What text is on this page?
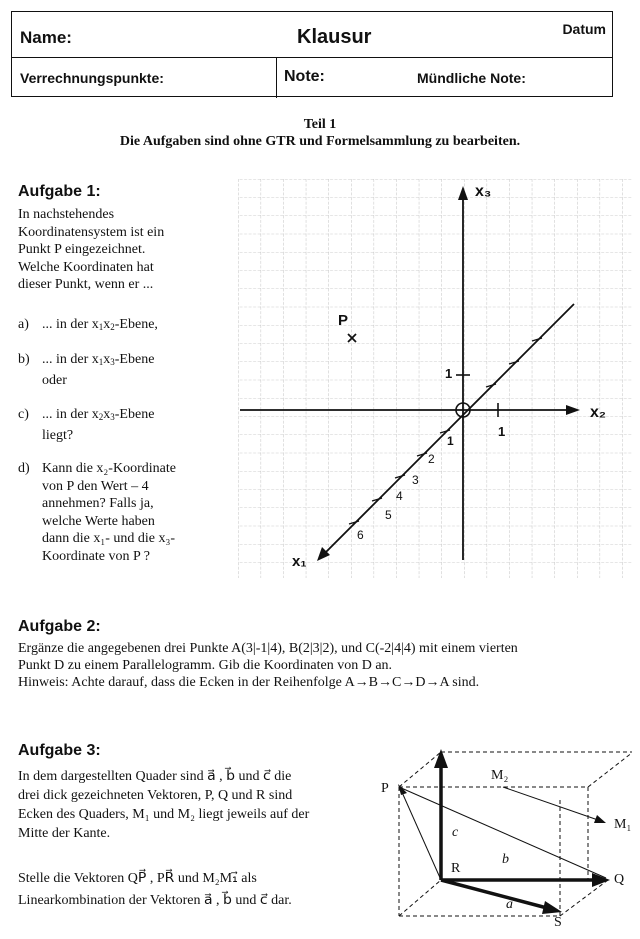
Name:	Klausur	Datum
Verrechnungspunkte:	Note:	Mündliche Note:
Teil 1
Die Aufgaben sind ohne GTR und Formelsammlung zu bearbeiten.
Aufgabe 1:
In nachstehendes
Koordinatensystem ist ein
Punkt P eingezeichnet.
Welche Koordinaten hat
dieser Punkt, wenn er ...
a) ... in der $x_1x_2$-Ebene,
b) ... in der $x_1x_3$-Ebene
oder
c) ... in der $x_2x_3$-Ebene
liegt?
d) Kann die x₂-Koordinate
von P den Wert – 4
annehmen? Falls ja,
welche Werte haben
dann die x₁- und die x₃-
Koordinate von P ?
x₃
x₂
x₁
P
1
1
1
2
3
4
5
6
Aufgabe 2:
Ergänze die angegebenen drei Punkte A(3|-1|4), B(2|3|2), und C(-2|4|4) mit einem vierten
Punkt D zu einem Parallelogramm. Gib die Koordinaten von D an.
Hinweis: Achte darauf, dass die Ecken in der Reihenfolge A→B→C→D→A sind.
Aufgabe 3:
In dem dargestellten Quader sind a⃗ , b⃗ und c⃗ die
drei dick gezeichneten Vektoren, P, Q und R sind
Ecken des Quaders, M₁ und M₂ liegt jeweils auf der
Mitte der Kante.
Stelle die Vektoren QP⃗ , PR⃗ und M₂M₁⃗ als
Linearkombination der Vektoren a⃗ , b⃗ und c⃗ dar.
P
Q
R
S
M₁
M₂
a⃗
b⃗
c⃗
